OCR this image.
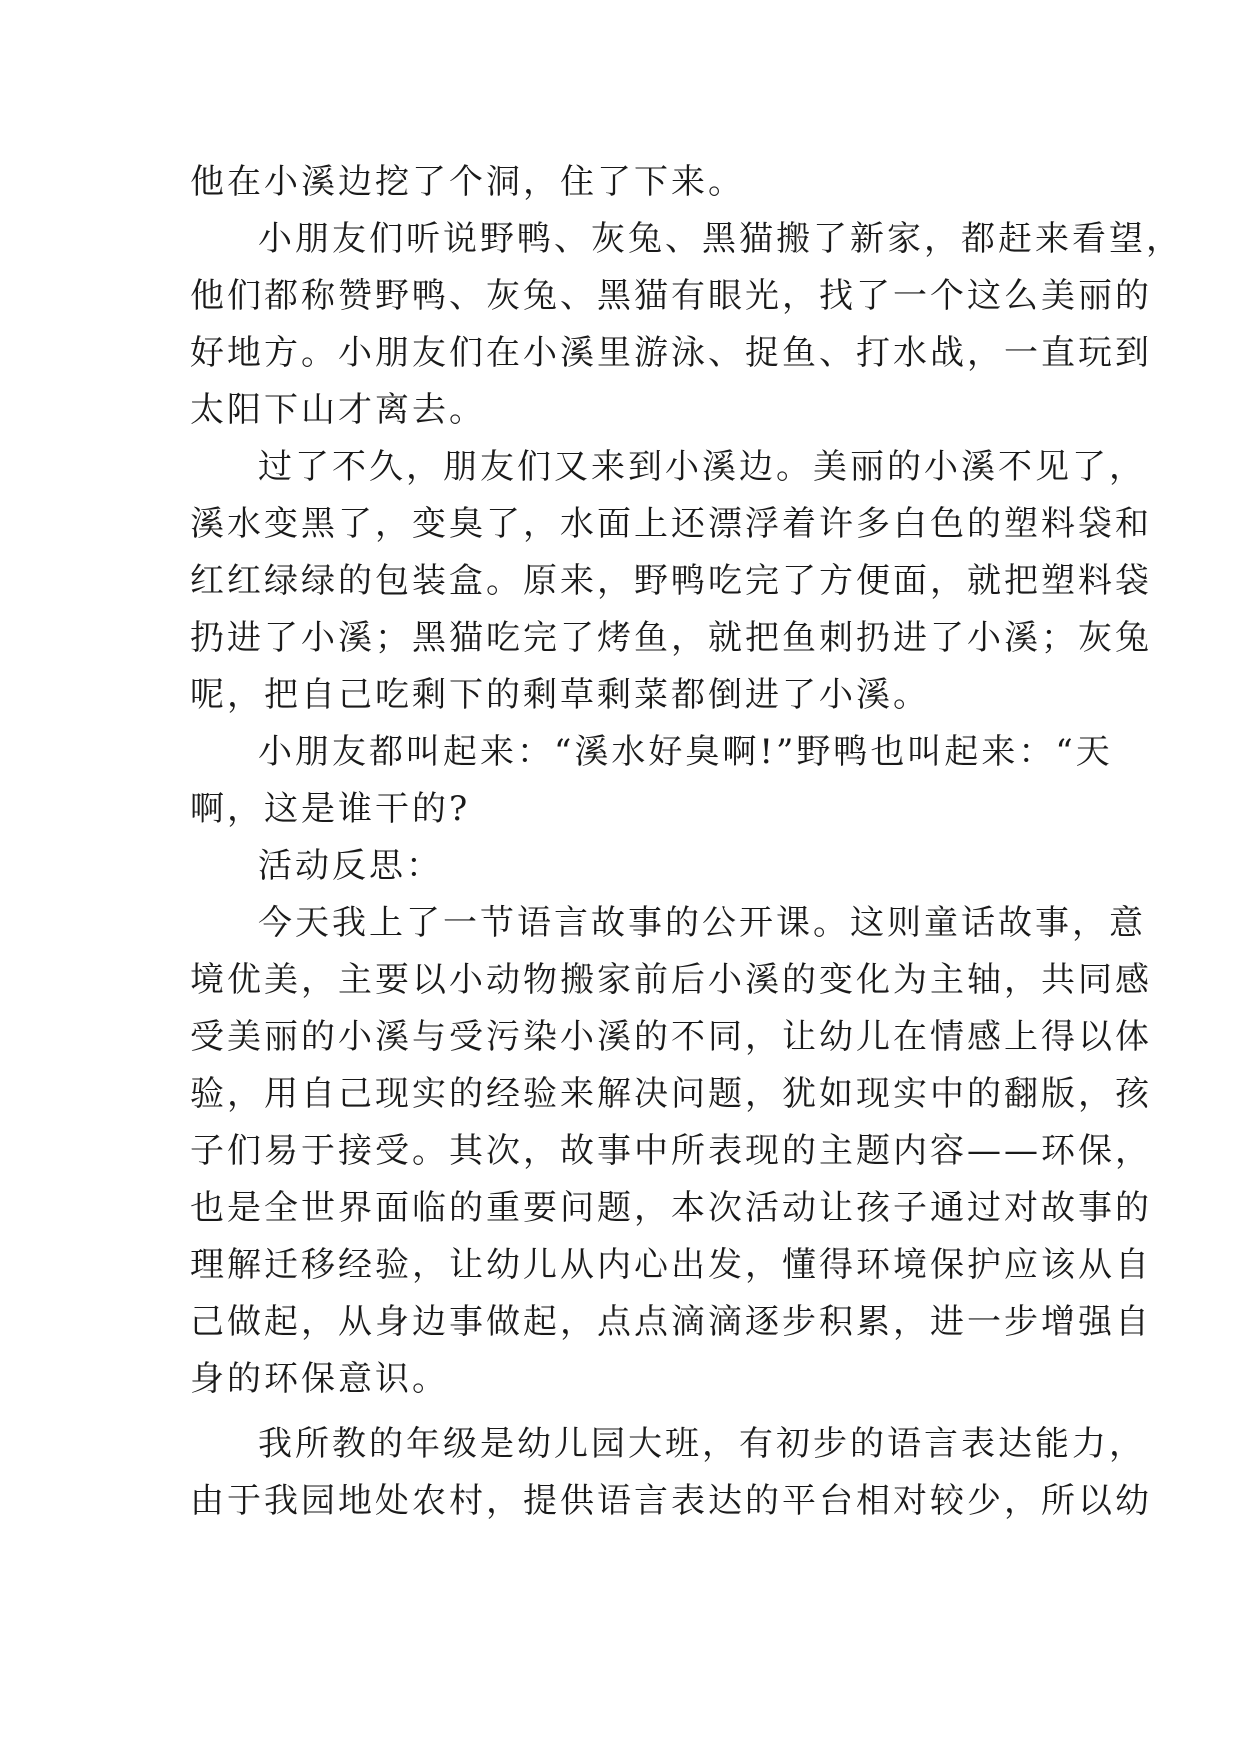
他在小溪边挖了个洞，住了下来。
小朋友们听说野鸭、灰兔、黑猫搬了新家，都赶来看望，
他们都称赞野鸭、灰兔、黑猫有眼光，找了一个这么美丽的
好地方。小朋友们在小溪里游泳、捉鱼、打水战，一直玩到
太阳下山才离去。
过了不久，朋友们又来到小溪边。美丽的小溪不见了，
溪水变黑了，变臭了，水面上还漂浮着许多白色的塑料袋和
红红绿绿的包装盒。原来，野鸭吃完了方便面，就把塑料袋
扔进了小溪；黑猫吃完了烤鱼，就把鱼刺扔进了小溪；灰兔
呢，把自己吃剩下的剩草剩菜都倒进了小溪。
小朋友都叫起来：“溪水好臭啊!”野鸭也叫起来：“天
啊，这是谁干的?
活动反思：
今天我上了一节语言故事的公开课。这则童话故事，意
境优美，主要以小动物搬家前后小溪的变化为主轴，共同感
受美丽的小溪与受污染小溪的不同，让幼儿在情感上得以体
验，用自己现实的经验来解决问题，犹如现实中的翻版，孩
子们易于接受。其次，故事中所表现的主题内容——环保，
也是全世界面临的重要问题，本次活动让孩子通过对故事的
理解迁移经验，让幼儿从内心出发，懂得环境保护应该从自
己做起，从身边事做起，点点滴滴逐步积累，进一步增强自
身的环保意识。
我所教的年级是幼儿园大班，有初步的语言表达能力，
由于我园地处农村，提供语言表达的平台相对较少，所以幼
